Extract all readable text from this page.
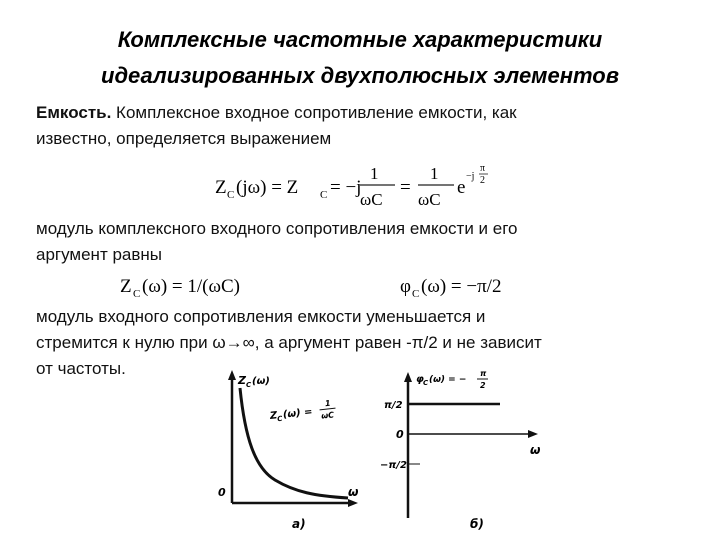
Комплексные частотные характеристики
идеализированных двухполюсных элементов
Емкость. Комплексное входное сопротивление емкости, как
известно, определяется выражением
Z C (jω) = Z C = −j
1
ωC
=
1
ωC
e
−j
π
2
модуль комплексного входного сопротивления емкости и его
аргумент равны
Z C (ω) = 1/(ωC)	φ C (ω) = −π/2
модуль входного сопротивления емкости уменьшается и
стремится к нулю при ω→∞, а аргумент равен -π/2 и не зависит
от частоты.
Z C (ω)
Z C (ω) =
1
ωC
0	ω
а)
φ C (ω) = −
π
2
π/2
0
−π/2
ω
б)
